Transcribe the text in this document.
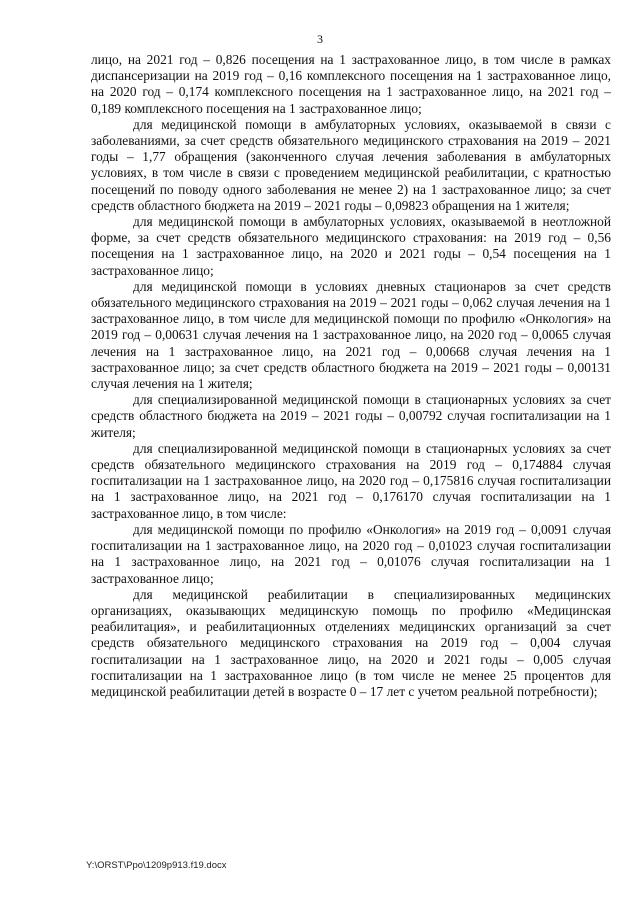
3

лицо, на 2021 год – 0,826 посещения на 1 застрахованное лицо, в том числе в рамках диспансеризации на 2019 год – 0,16 комплексного посещения на 1 застрахованное лицо, на 2020 год – 0,174 комплексного посещения на 1 застрахованное лицо, на 2021 год – 0,189 комплексного посещения на 1 застрахованное лицо;

для медицинской помощи в амбулаторных условиях, оказываемой в связи с заболеваниями, за счет средств обязательного медицинского страхования на 2019 – 2021 годы – 1,77 обращения (законченного случая лечения заболевания в амбулаторных условиях, в том числе в связи с проведением медицинской реабилитации, с кратностью посещений по поводу одного заболевания не менее 2) на 1 застрахованное лицо; за счет средств областного бюджета на 2019 – 2021 годы – 0,09823 обращения на 1 жителя;

для медицинской помощи в амбулаторных условиях, оказываемой в неотложной форме, за счет средств обязательного медицинского страхования: на 2019 год – 0,56 посещения на 1 застрахованное лицо, на 2020 и 2021 годы – 0,54 посещения на 1 застрахованное лицо;

для медицинской помощи в условиях дневных стационаров за счет средств обязательного медицинского страхования на 2019 – 2021 годы – 0,062 случая лечения на 1 застрахованное лицо, в том числе для медицинской помощи по профилю «Онкология» на 2019 год – 0,00631 случая лечения на 1 застрахованное лицо, на 2020 год – 0,0065 случая лечения на 1 застрахованное лицо, на 2021 год – 0,00668 случая лечения на 1 застрахованное лицо; за счет средств областного бюджета на 2019 – 2021 годы – 0,00131 случая лечения на 1 жителя;

для специализированной медицинской помощи в стационарных условиях за счет средств областного бюджета на 2019 – 2021 годы – 0,00792 случая госпитализации на 1 жителя;

для специализированной медицинской помощи в стационарных условиях за счет средств обязательного медицинского страхования на 2019 год – 0,174884 случая госпитализации на 1 застрахованное лицо, на 2020 год – 0,175816 случая госпитализации на 1 застрахованное лицо, на 2021 год – 0,176170 случая госпитализации на 1 застрахованное лицо, в том числе:

для медицинской помощи по профилю «Онкология» на 2019 год – 0,0091 случая госпитализации на 1 застрахованное лицо, на 2020 год – 0,01023 случая госпитализации на 1 застрахованное лицо, на 2021 год – 0,01076 случая госпитализации на 1 застрахованное лицо;

для медицинской реабилитации в специализированных медицинских организациях, оказывающих медицинскую помощь по профилю «Медицинская реабилитация», и реабилитационных отделениях медицинских организаций за счет средств обязательного медицинского страхования на 2019 год – 0,004 случая госпитализации на 1 застрахованное лицо, на 2020 и 2021 годы – 0,005 случая госпитализации на 1 застрахованное лицо (в том числе не менее 25 процентов для медицинской реабилитации детей в возрасте 0 – 17 лет с учетом реальной потребности);

Y:\ORST\Ppo\1209p913.f19.docx
